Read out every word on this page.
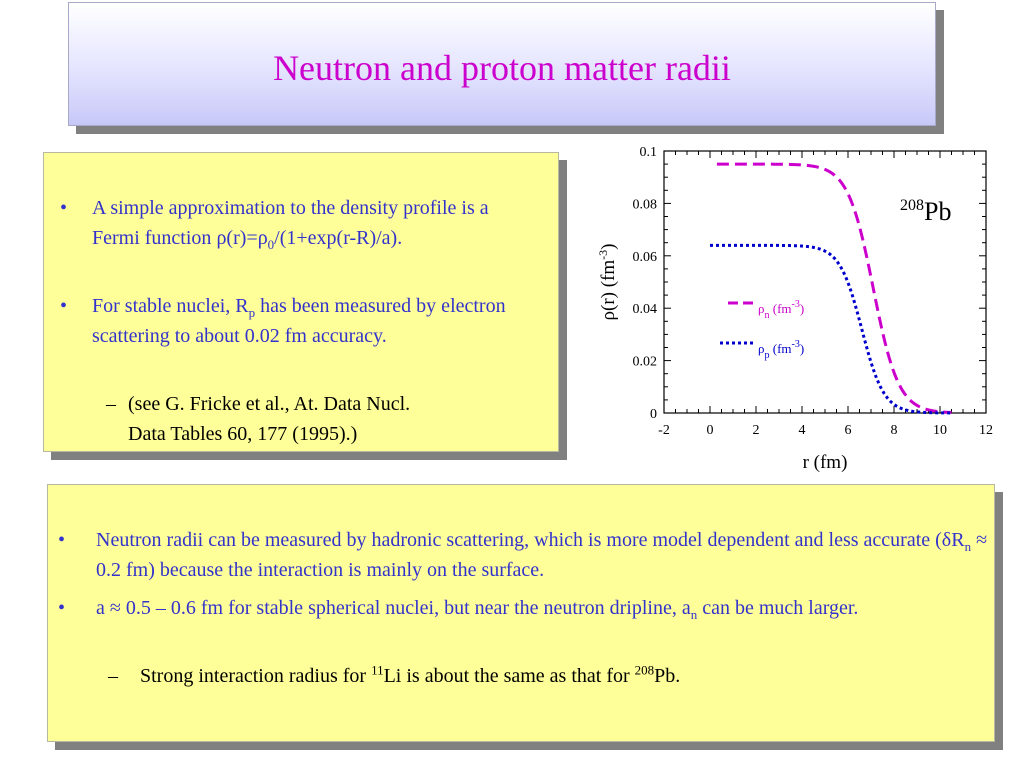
Neutron and proton matter radii
•	A simple approximation to the density profile is a Fermi function $\rho(r)=\rho_0/(1+\exp(r-R)/a)$.
•	For stable nuclei, $R_p$ has been measured by electron scattering to about 0.02 fm accuracy.
– (see G. Fricke et al., At. Data Nucl.
Data Tables 60, 177 (1995).)
•	Neutron radii can be measured by hadronic scattering, which is more model dependent and less accurate ($\delta R_n \approx 0.2$ fm) because the interaction is mainly on the surface.
•	a ≈ 0.5 – 0.6 fm for stable spherical nuclei, but near the neutron dripline, $a_n$ can be much larger.
–	Strong interaction radius for $^{11}$Li is about the same as that for $^{208}$Pb.
-2	0	2	4	6	8	10 12
0
0.02
0.04
0.06
0.08
0.1
r (fm)
ρ(r) $(fm^{-3})$
$^{208}$Pb
$\rho_n$ $(fm^{-3})$
$\rho_p$ $(fm^{-3})$
